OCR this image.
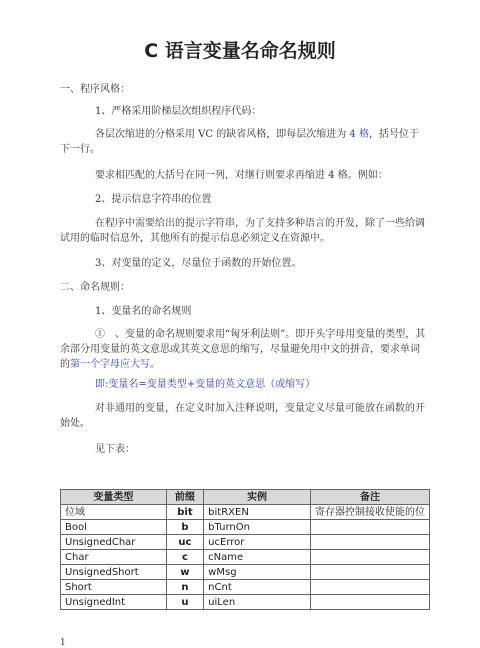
C 语言变量名命名规则
一、程序风格：
1、严格采用阶梯层次组织程序代码：
各层次缩进的分格采用 VC 的缺省风格，即每层次缩进为 4 格，括号位于下一行。
要求相匹配的大括号在同一列，对继行则要求再缩进 4 格。例如：
2、提示信息字符串的位置
在程序中需要给出的提示字符串，为了支持多种语言的开发，除了一些给调试用的临时信息外，其他所有的提示信息必须定义在资源中。
3、对变量的定义，尽量位于函数的开始位置。
二、命名规则：
1、变量名的命名规则
①　、变量的命名规则要求用“匈牙利法则”。即开头字母用变量的类型，其余部分用变量的英文意思或其英文意思的缩写，尽量避免用中文的拼音，要求单词的第一个字母应大写。
即:变量名=变量类型+变量的英文意思（或缩写）
对非通用的变量，在定义时加入注释说明，变量定义尽量可能放在函数的开始处。
见下表：
变量类型	前缀	实例	备注
位域	bit	bitRXEN	寄存器控制接收使能的位
Bool	b	bTurnOn	
UnsignedChar	uc	ucError	
Char	c	cName	
UnsignedShort	w	wMsg	
Short	n	nCnt	
UnsignedInt	u	uiLen	
1
